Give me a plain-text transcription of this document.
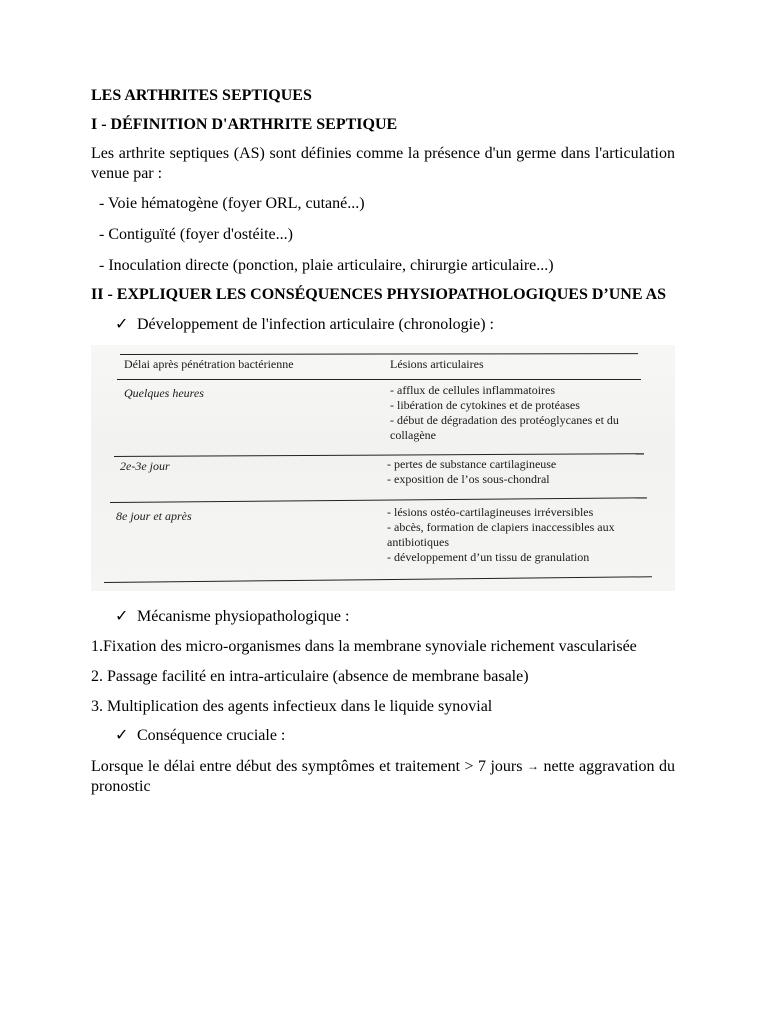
LES ARTHRITES SEPTIQUES
I - DÉFINITION D'ARTHRITE SEPTIQUE

Les arthrite septiques (AS) sont définies comme la présence d'un germe dans l'articulation venue par :

- Voie hématogène (foyer ORL, cutané...)
- Contiguïté (foyer d'ostéite...)
- Inoculation directe (ponction, plaie articulaire, chirurgie articulaire...)
II - EXPLIQUER LES CONSÉQUENCES PHYSIOPATHOLOGIQUES D’UNE AS
✓ Développement de l'infection articulaire (chronologie) :
Délai après pénétration bactérienne	Lésions articulaires
Quelques heures	- afflux de cellules inflammatoires
- libération de cytokines et de protéases
- début de dégradation des protéoglycanes et du collagène
2e-3e jour	- pertes de substance cartilagineuse
- exposition de l’os sous-chondral
8e jour et après	- lésions ostéo-cartilagineuses irréversibles
- abcès, formation de clapiers inaccessibles aux antibiotiques
- développement d’un tissu de granulation
✓ Mécanisme physiopathologique :

1.Fixation des micro-organismes dans la membrane synoviale richement vascularisée

2. Passage facilité en intra-articulaire (absence de membrane basale)

3. Multiplication des agents infectieux dans le liquide synovial

✓ Conséquence cruciale :

Lorsque le délai entre début des symptômes et traitement > 7 jours → nette aggravation du pronostic
